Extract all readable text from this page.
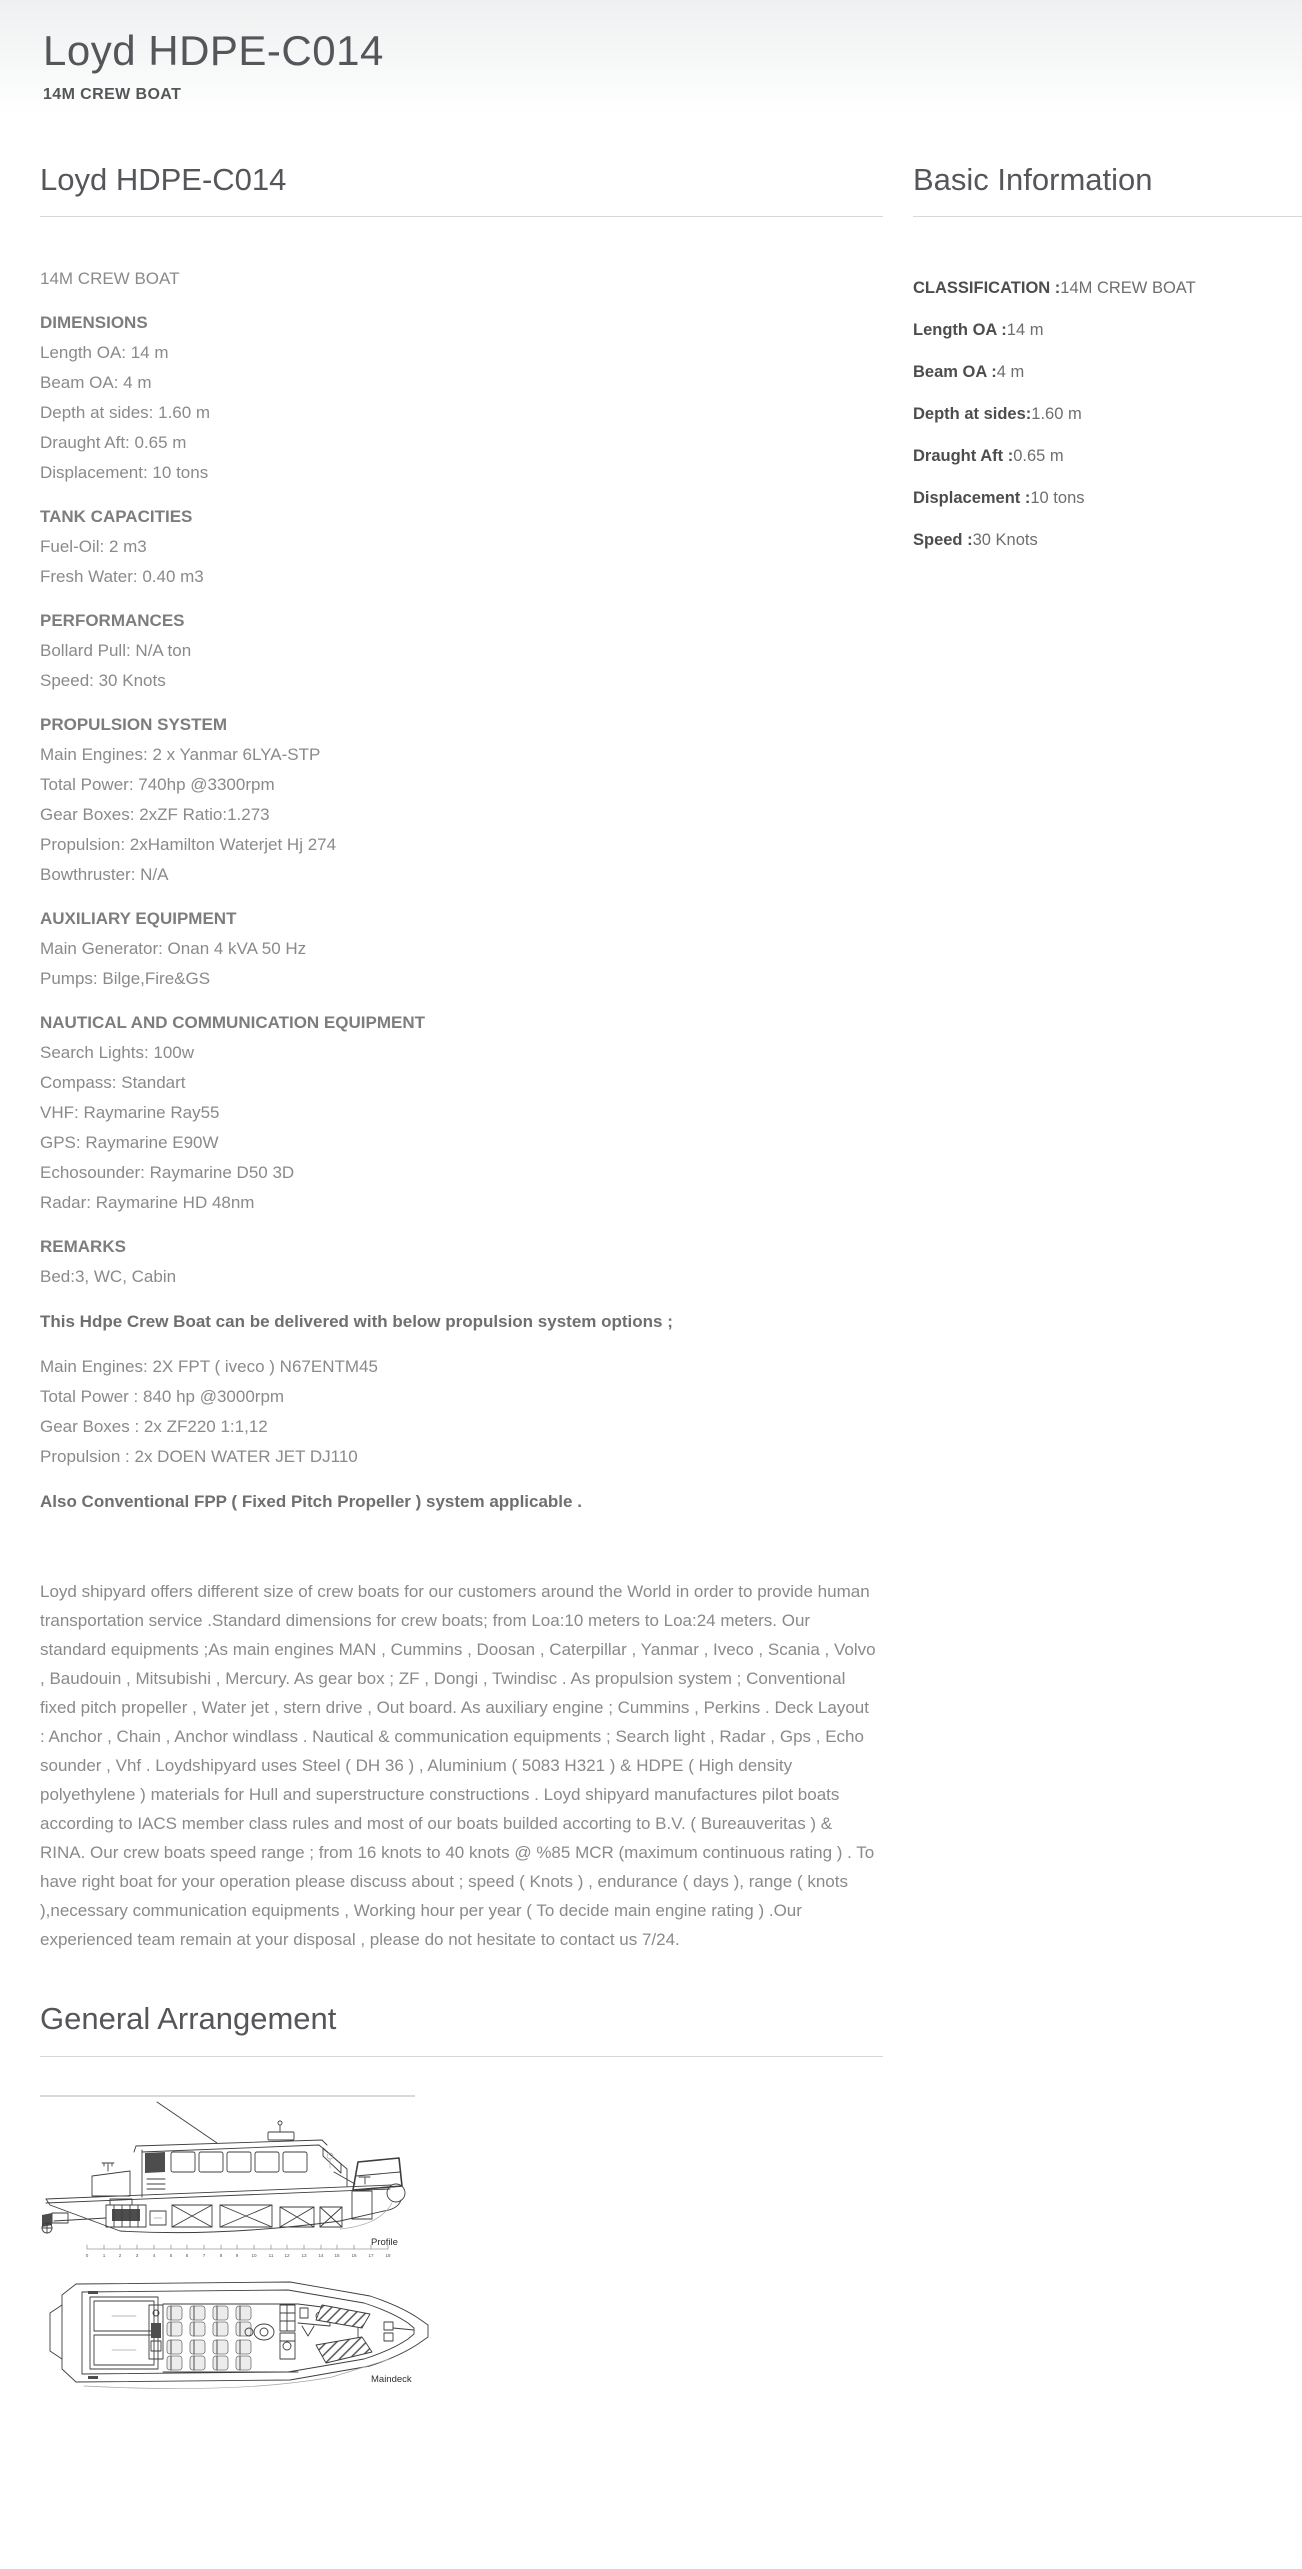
Loyd HDPE-C014
14M CREW BOAT
Loyd HDPE-C014
14M CREW BOAT
DIMENSIONS
Length OA: 14 m
Beam OA: 4 m
Depth at sides: 1.60 m
Draught Aft: 0.65 m
Displacement: 10 tons
TANK CAPACITIES
Fuel-Oil: 2 m3
Fresh Water: 0.40 m3
PERFORMANCES
Bollard Pull: N/A ton
Speed: 30 Knots
PROPULSION SYSTEM
Main Engines: 2 x Yanmar 6LYA-STP
Total Power: 740hp @3300rpm
Gear Boxes: 2xZF Ratio:1.273
Propulsion: 2xHamilton Waterjet Hj 274
Bowthruster: N/A
AUXILIARY EQUIPMENT
Main Generator: Onan 4 kVA 50 Hz
Pumps: Bilge,Fire&GS
NAUTICAL AND COMMUNICATION EQUIPMENT
Search Lights: 100w
Compass: Standart
VHF: Raymarine Ray55
GPS: Raymarine E90W
Echosounder: Raymarine D50 3D
Radar: Raymarine HD 48nm
REMARKS
Bed:3, WC, Cabin

This Hdpe Crew Boat can be delivered with below propulsion system options ;

Main Engines: 2X FPT ( iveco ) N67ENTM45
Total Power : 840 hp @3000rpm
Gear Boxes : 2x ZF220 1:1,12
Propulsion : 2x DOEN WATER JET DJ110

Also Conventional FPP ( Fixed Pitch Propeller ) system applicable .

Loyd shipyard offers different size of crew boats for our customers around the World in order to provide human transportation service .Standard dimensions for crew boats; from Loa:10 meters to Loa:24 meters. Our standard equipments ;As main engines MAN , Cummins , Doosan , Caterpillar , Yanmar , Iveco , Scania , Volvo , Baudouin , Mitsubishi , Mercury. As gear box ; ZF , Dongi , Twindisc . As propulsion system ; Conventional fixed pitch propeller , Water jet , stern drive , Out board. As auxiliary engine ; Cummins , Perkins . Deck Layout : Anchor , Chain , Anchor windlass . Nautical & communication equipments ; Search light , Radar , Gps , Echo sounder , Vhf . Loydshipyard uses Steel ( DH 36 ) , Aluminium ( 5083 H321 ) & HDPE ( High density polyethylene ) materials for Hull and superstructure constructions . Loyd shipyard manufactures pilot boats according to IACS member class rules and most of our boats builded accorting to B.V. ( Bureauveritas ) & RINA. Our crew boats speed range ; from 16 knots to 40 knots @ %85 MCR (maximum continuous rating ) . To have right boat for your operation please discuss about ; speed ( Knots ) , endurance ( days ), range ( knots ),necessary communication equipments , Working hour per year ( To decide main engine rating ) .Our experienced team remain at your disposal , please do not hesitate to contact us 7/24.

General Arrangement
0	1	2	3	4	5	6	7	8	9	10	11 12	13	14 15	16	17	18
Profile
Maindeck
Basic Information
CLASSIFICATION :14M CREW BOAT
Length OA :14 m
Beam OA :4 m
Depth at sides:1.60 m
Draught Aft :0.65 m
Displacement :10 tons
Speed :30 Knots
